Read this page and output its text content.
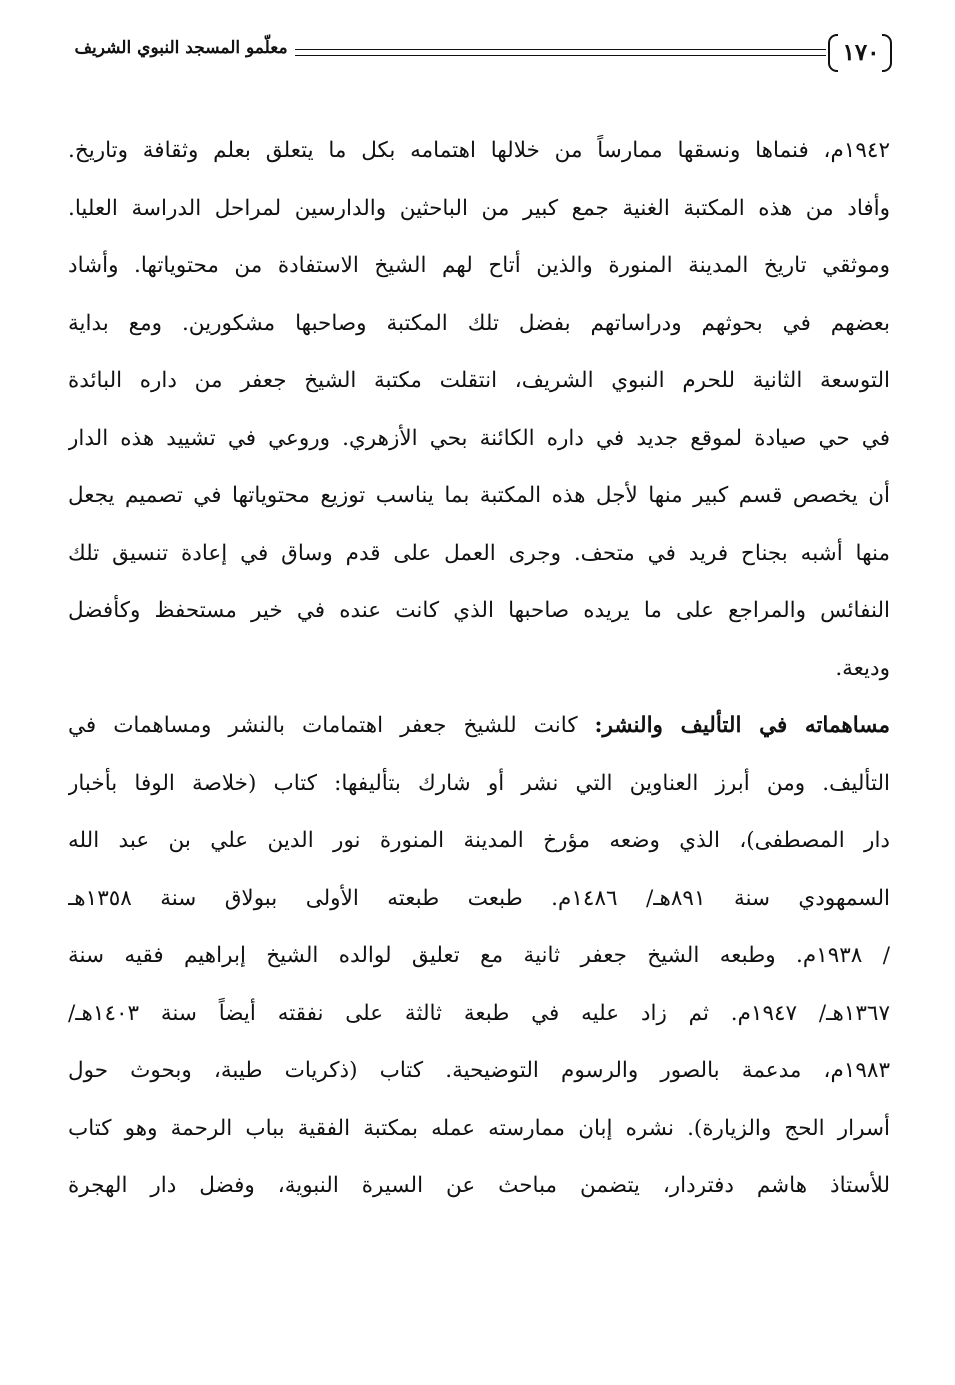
١٧٠
معلّمو المسجد النبوي الشريف
١٩٤٢م، فنماها ونسقها ممارساً من خلالها اهتمامه بكل ما يتعلق بعلم وثقافة وتاريخ.
وأفاد من هذه المكتبة الغنية جمع كبير من الباحثين والدارسين لمراحل الدراسة العليا.
وموثقي تاريخ المدينة المنورة والذين أتاح لهم الشيخ الاستفادة من محتوياتها. وأشاد
بعضهم في بحوثهم ودراساتهم بفضل تلك المكتبة وصاحبها مشكورين. ومع بداية
التوسعة الثانية للحرم النبوي الشريف، انتقلت مكتبة الشيخ جعفر من داره البائدة
في حي صيادة لموقع جديد في داره الكائنة بحي الأزهري. وروعي في تشييد هذه الدار
أن يخصص قسم كبير منها لأجل هذه المكتبة بما يناسب توزيع محتوياتها في تصميم يجعل
منها أشبه بجناح فريد في متحف. وجرى العمل على قدم وساق في إعادة تنسيق تلك
النفائس والمراجع على ما يريده صاحبها الذي كانت عنده في خير مستحفظ وكأفضل
وديعة.
مساهماته في التأليف والنشر: كانت للشيخ جعفر اهتمامات بالنشر ومساهمات في
التأليف. ومن أبرز العناوين التي نشر أو شارك بتأليفها: كتاب (خلاصة الوفا بأخبار
دار المصطفى)، الذي وضعه مؤرخ المدينة المنورة نور الدين علي بن عبد الله
السمهودي سنة ٨٩١هـ/ ١٤٨٦م. طبعت طبعته الأولى ببولاق سنة ١٣٥٨هـ
/ ١٩٣٨م. وطبعه الشيخ جعفر ثانية مع تعليق لوالده الشيخ إبراهيم فقيه سنة
١٣٦٧هـ/ ١٩٤٧م. ثم زاد عليه في طبعة ثالثة على نفقته أيضاً سنة ١٤٠٣هـ/
١٩٨٣م، مدعمة بالصور والرسوم التوضيحية. كتاب (ذكريات طيبة، وبحوث حول
أسرار الحج والزيارة). نشره إبان ممارسته عمله بمكتبة الفقية بباب الرحمة وهو كتاب
للأستاذ هاشم دفتردار، يتضمن مباحث عن السيرة النبوية، وفضل دار الهجرة
